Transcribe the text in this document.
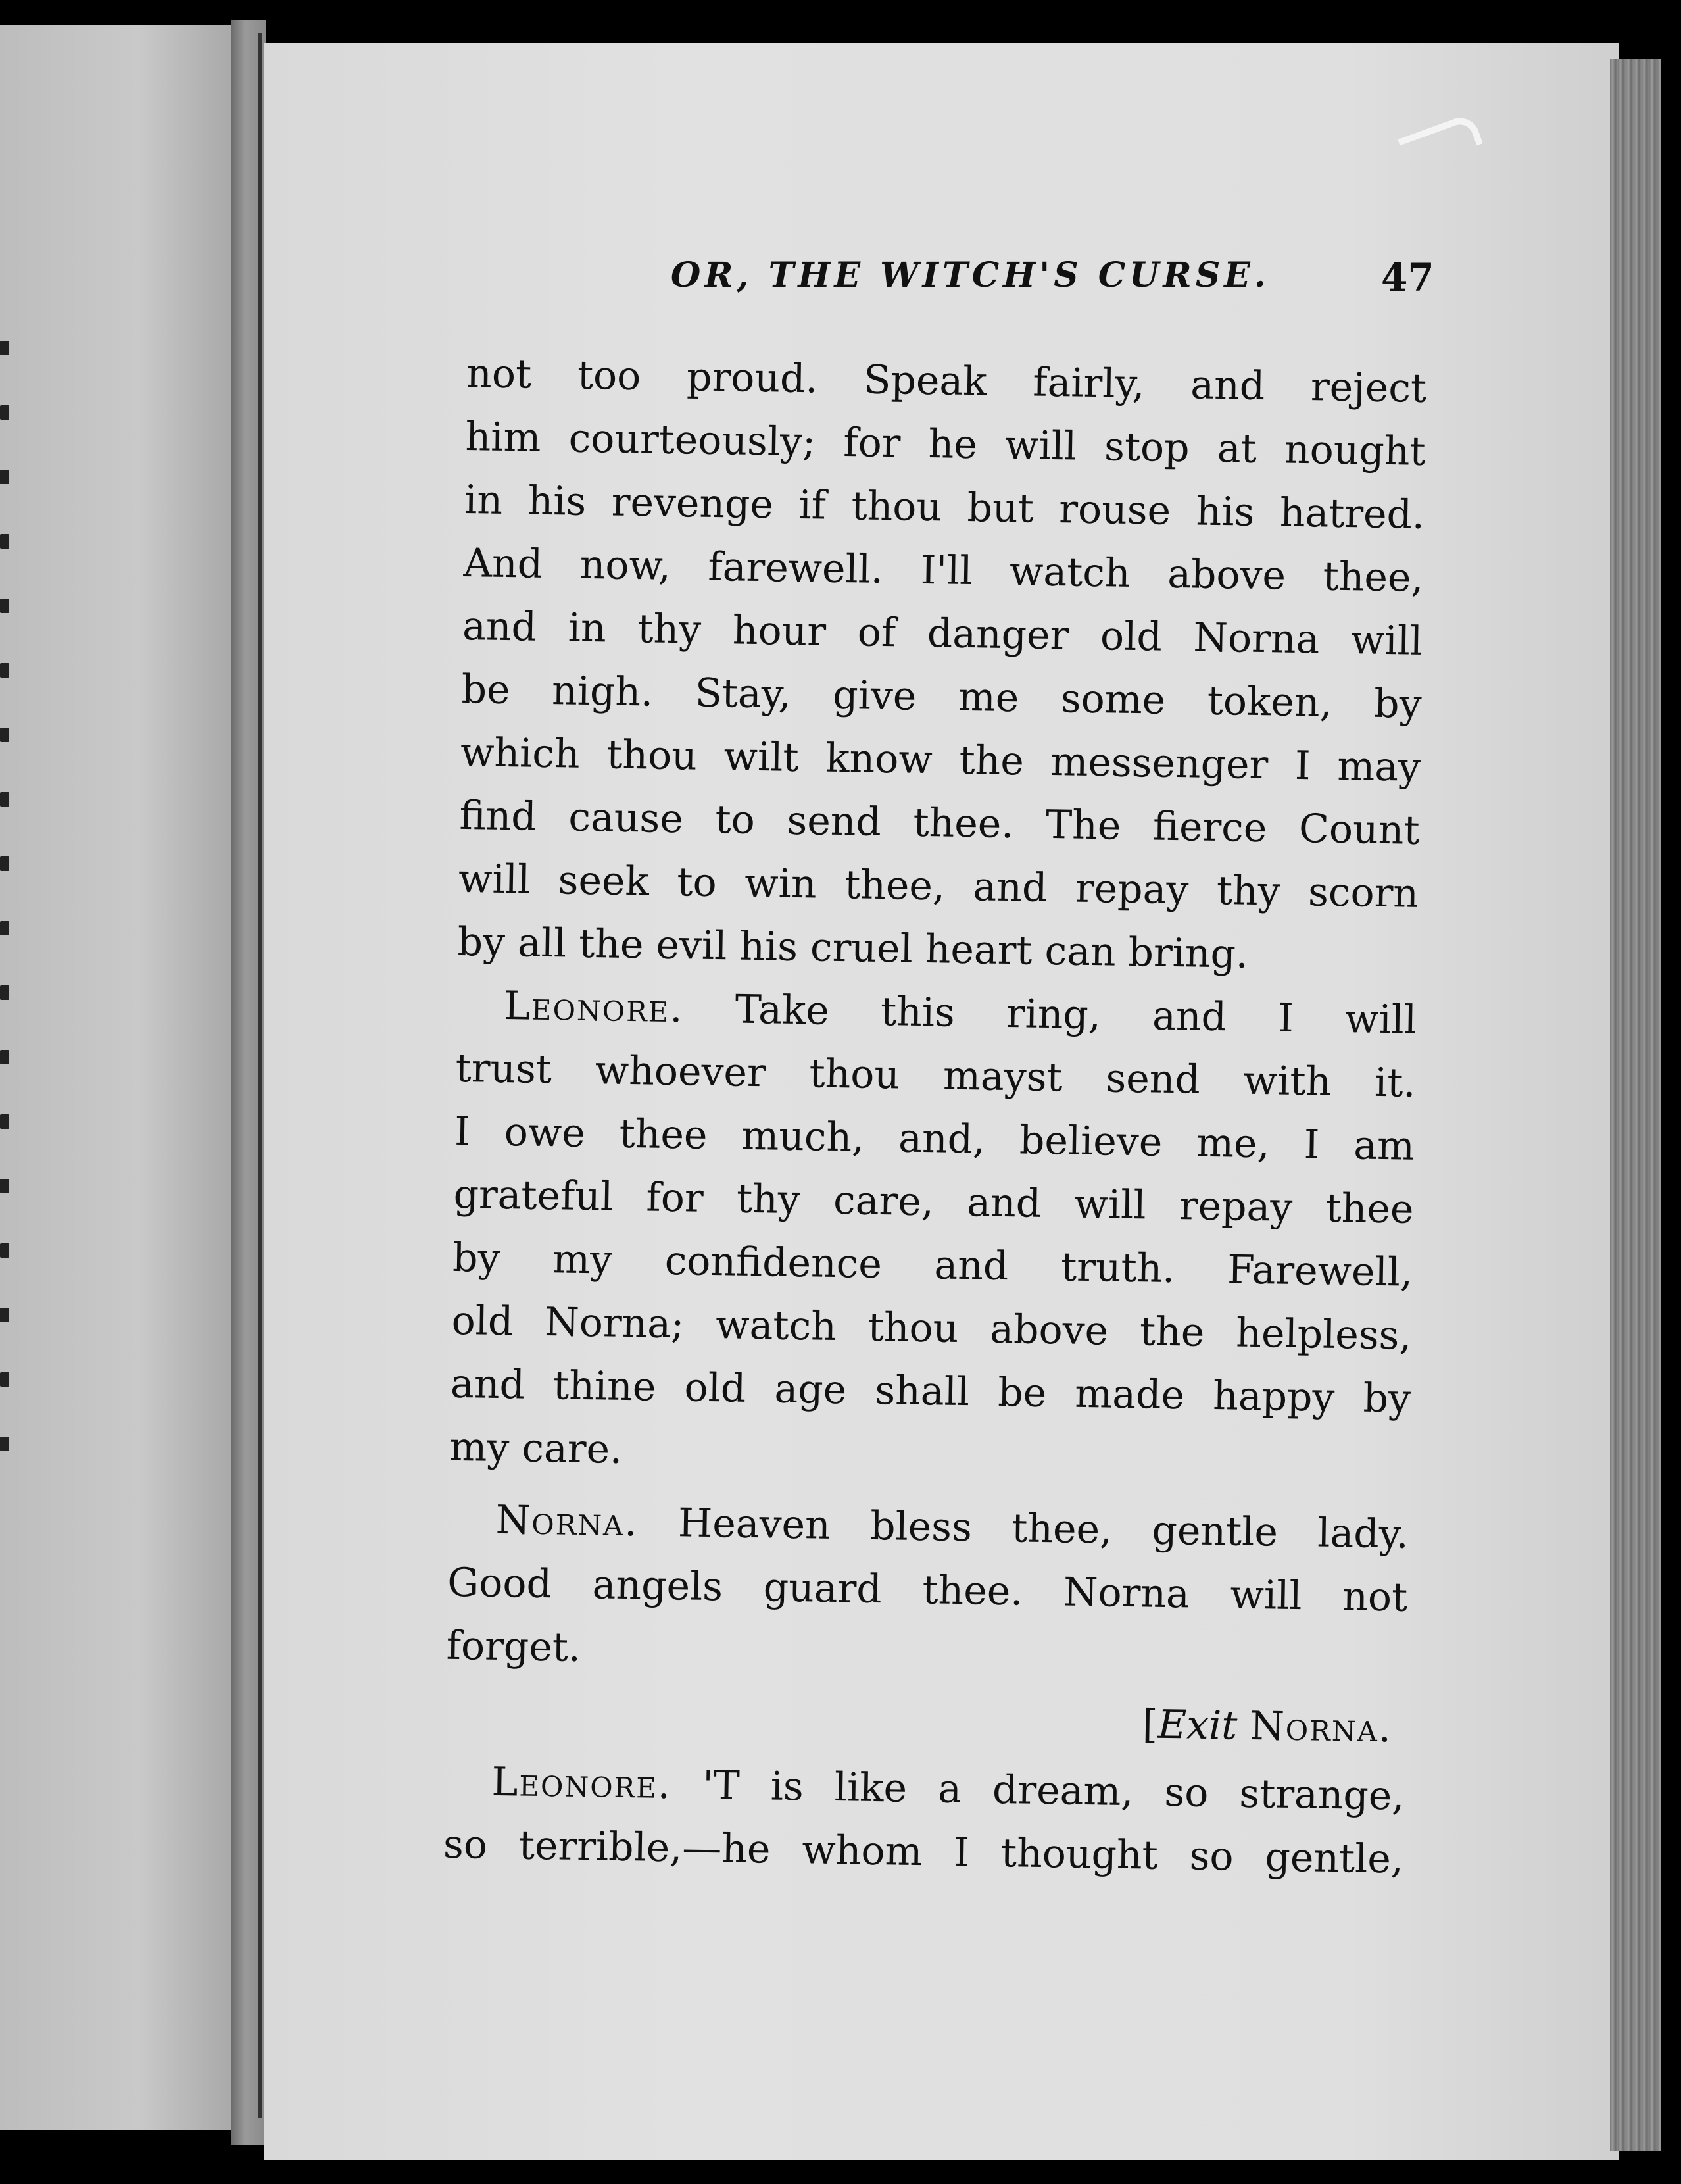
OR, THE WITCH'S CURSE.	47
not too proud. Speak fairly, and reject
him courteously; for he will stop at nought
in his revenge if thou but rouse his hatred.
And now, farewell. I'll watch above thee,
and in thy hour of danger old Norna will
be nigh. Stay, give me some token, by
which thou wilt know the messenger I may
find cause to send thee. The fierce Count
will seek to win thee, and repay thy scorn
by all the evil his cruel heart can bring.
Leonore. Take this ring, and I will
trust whoever thou mayst send with it.
I owe thee much, and, believe me, I am
grateful for thy care, and will repay thee
by my confidence and truth. Farewell,
old Norna; watch thou above the helpless,
and thine old age shall be made happy by
my care.
Norna. Heaven bless thee, gentle lady.
Good angels guard thee. Norna will not
forget.
[Exit Norna.
Leonore. 'T is like a dream, so strange,
so terrible,—he whom I thought so gentle,
